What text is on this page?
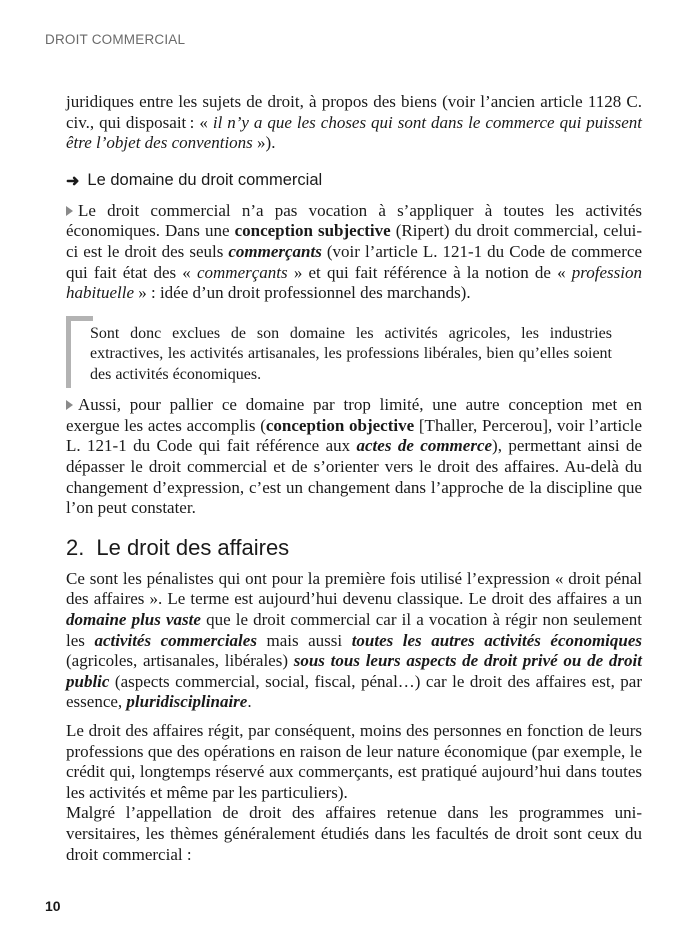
DROIT COMMERCIAL

juridiques entre les sujets de droit, à propos des biens (voir l’ancien article 1128 C. civ., qui disposait : « il n’y a que les choses qui sont dans le commerce qui puissent être l’objet des conventions »).

➜ Le domaine du droit commercial

Le droit commercial n’a pas vocation à s’appliquer à toutes les activités économiques. Dans une conception subjective (Ripert) du droit commercial, celui-ci est le droit des seuls commerçants (voir l’article L. 121-1 du Code de commerce qui fait état des « commerçants » et qui fait référence à la notion de « profession habituelle » : idée d’un droit professionnel des marchands).

Sont donc exclues de son domaine les activités agricoles, les industries extractives, les activités artisanales, les professions libérales, bien qu’elles soient des activités économiques.

Aussi, pour pallier ce domaine par trop limité, une autre conception met en exergue les actes accomplis (conception objective [Thaller, Percerou], voir l’article L. 121-1 du Code qui fait référence aux actes de commerce), permettant ainsi de dépasser le droit commercial et de s’orienter vers le droit des affaires. Au-delà du changement d’expression, c’est un changement dans l’approche de la discipline que l’on peut constater.

2. Le droit des affaires

Ce sont les pénalistes qui ont pour la première fois utilisé l’expression « droit pénal des affaires ». Le terme est aujourd’hui devenu classique. Le droit des affaires a un domaine plus vaste que le droit commercial car il a vocation à régir non seulement les activités commerciales mais aussi toutes les autres activités économiques (agricoles, artisanales, libérales) sous tous leurs aspects de droit privé ou de droit public (aspects commercial, social, fiscal, pénal…) car le droit des affaires est, par essence, pluridisciplinaire.

Le droit des affaires régit, par conséquent, moins des personnes en fonction de leurs professions que des opérations en raison de leur nature économique (par exemple, le crédit qui, longtemps réservé aux commerçants, est pratiqué aujourd’hui dans toutes les activités et même par les particuliers).

Malgré l’appellation de droit des affaires retenue dans les programmes universitaires, les thèmes généralement étudiés dans les facultés de droit sont ceux du droit commercial :

10
